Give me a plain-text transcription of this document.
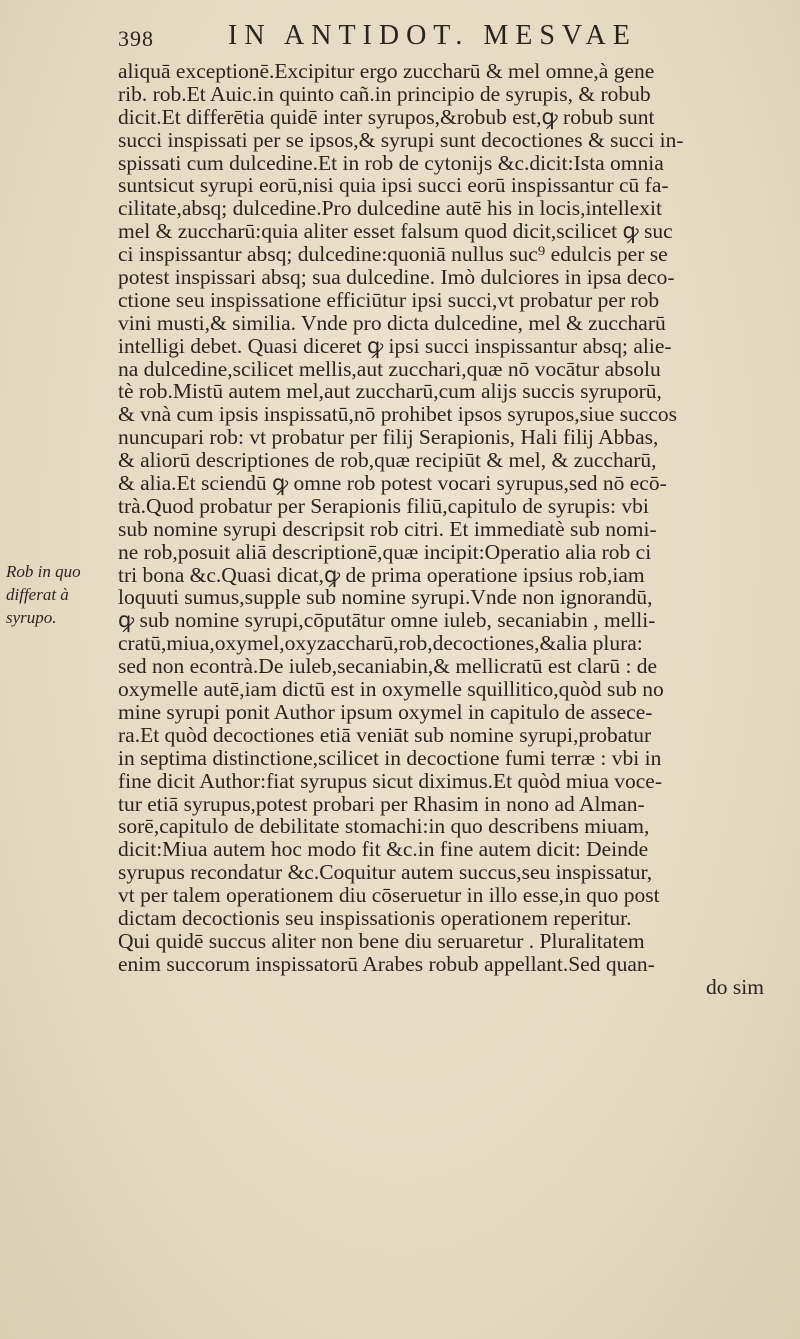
398	IN ANTIDOT. MESVAE
Rob in quo
differat à
syrupo.
aliquā exceptionē.Excipitur ergo zuccharū & mel omne,à gene
rib. rob.Et Auic.in quinto cañ.in principio de syrupis, & robub
dicit.Et differētia quidē inter syrupos,&robub est,ꝙ robub sunt
succi inspissati per se ipsos,& syrupi sunt decoctiones & succi in-
spissati cum dulcedine.Et in rob de cytonijs &c.dicit:Ista omnia
suntsicut syrupi eorū,nisi quia ipsi succi eorū inspissantur cū fa-
cilitate,absq; dulcedine.Pro dulcedine autē his in locis,intellexit
mel & zuccharū:quia aliter esset falsum quod dicit,scilicet ꝙ suc
ci inspissantur absq; dulcedine:quoniā nullus suc⁹ edulcis per se
potest inspissari absq; sua dulcedine. Imò dulciores in ipsa deco-
ctione seu inspissatione efficiūtur ipsi succi,vt probatur per rob
vini musti,& similia. Vnde pro dicta dulcedine, mel & zuccharū
intelligi debet. Quasi diceret ꝙ ipsi succi inspissantur absq; alie-
na dulcedine,scilicet mellis,aut zucchari,quæ nō vocātur absolu
tè rob.Mistū autem mel,aut zuccharū,cum alijs succis syruporū,
& vnà cum ipsis inspissatū,nō prohibet ipsos syrupos,siue succos
nuncupari rob: vt probatur per filij Serapionis, Hali filij Abbas,
& aliorū descriptiones de rob,quæ recipiūt & mel, & zuccharū,
& alia.Et sciendū ꝙ omne rob potest vocari syrupus,sed nō ecō-
trà.Quod probatur per Serapionis filiū,capitulo de syrupis: vbi
sub nomine syrupi descripsit rob citri. Et immediatè sub nomi-
ne rob,posuit aliā descriptionē,quæ incipit:Operatio alia rob ci
tri bona &c.Quasi dicat,ꝙ de prima operatione ipsius rob,iam
loquuti sumus,supple sub nomine syrupi.Vnde non ignorandū,
ꝙ sub nomine syrupi,cōputātur omne iuleb, secaniabin , melli-
cratū,miua,oxymel,oxyzaccharū,rob,decoctiones,&alia plura:
sed non econtrà.De iuleb,secaniabin,& mellicratū est clarū : de
oxymelle autē,iam dictū est in oxymelle squillitico,quòd sub no
mine syrupi ponit Author ipsum oxymel in capitulo de assece-
ra.Et quòd decoctiones etiā veniāt sub nomine syrupi,probatur
in septima distinctione,scilicet in decoctione fumi terræ : vbi in
fine dicit Author:fiat syrupus sicut diximus.Et quòd miua voce-
tur etiā syrupus,potest probari per Rhasim in nono ad Alman-
sorē,capitulo de debilitate stomachi:in quo describens miuam,
dicit:Miua autem hoc modo fit &c.in fine autem dicit: Deinde
syrupus recondatur &c.Coquitur autem succus,seu inspissatur,
vt per talem operationem diu cōseruetur in illo esse,in quo post
dictam decoctionis seu inspissationis operationem reperitur.
Qui quidē succus aliter non bene diu seruaretur . Pluralitatem
enim succorum inspissatorū Arabes robub appellant.Sed quan-
do sim
